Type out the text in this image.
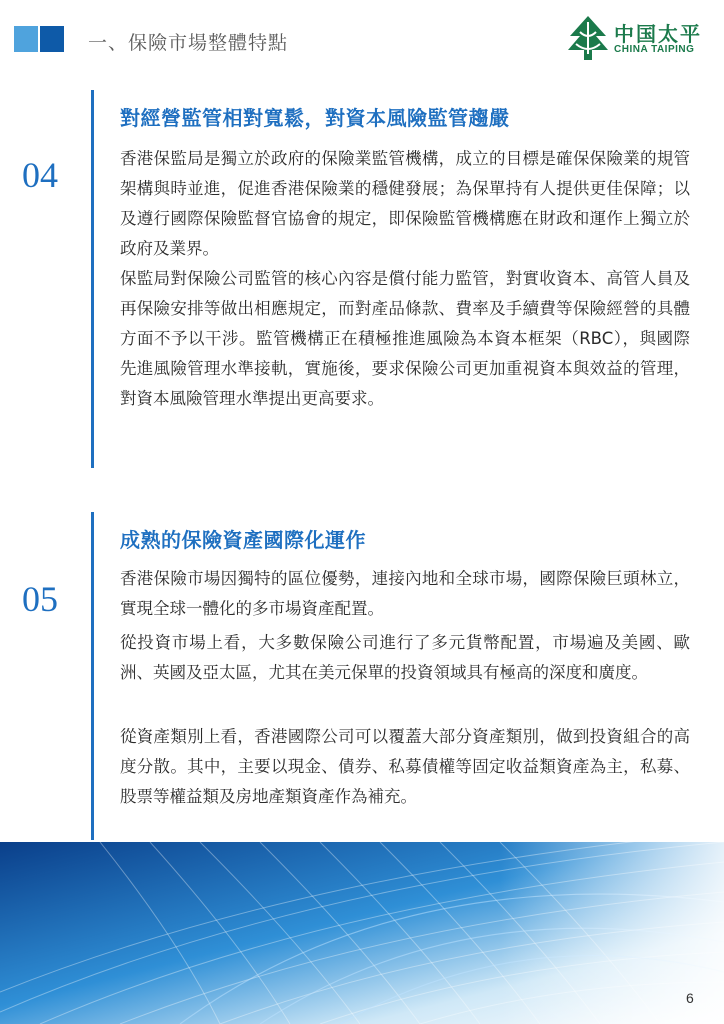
一、保險市場整體特點	中国太平
CHINA TAIPING
04
對經營監管相對寬鬆，對資本風險監管趨嚴

香港保監局是獨立於政府的保險業監管機構，成立的目標是確保保險業的規管架構與時並進，促進香港保險業的穩健發展；為保單持有人提供更佳保障；以及遵行國際保險監督官協會的規定，即保險監管機構應在財政和運作上獨立於政府及業界。

保監局對保險公司監管的核心內容是償付能力監管，對實收資本、高管人員及再保險安排等做出相應規定，而對產品條款、費率及手續費等保險經營的具體方面不予以干涉。監管機構正在積極推進風險為本資本框架（RBC），與國際先進風險管理水準接軌，實施後，要求保險公司更加重視資本與效益的管理，對資本風險管理水準提出更高要求。

05
成熟的保險資產國際化運作

香港保險市場因獨特的區位優勢，連接內地和全球市場，國際保險巨頭林立，實現全球一體化的多市場資產配置。

從投資市場上看，大多數保險公司進行了多元貨幣配置，市場遍及美國、歐洲、英國及亞太區，尤其在美元保單的投資領域具有極高的深度和廣度。

從資產類別上看，香港國際公司可以覆蓋大部分資產類別，做到投資組合的高度分散。其中，主要以現金、債券、私募債權等固定收益類資產為主，私募、股票等權益類及房地產類資產作為補充。

6
